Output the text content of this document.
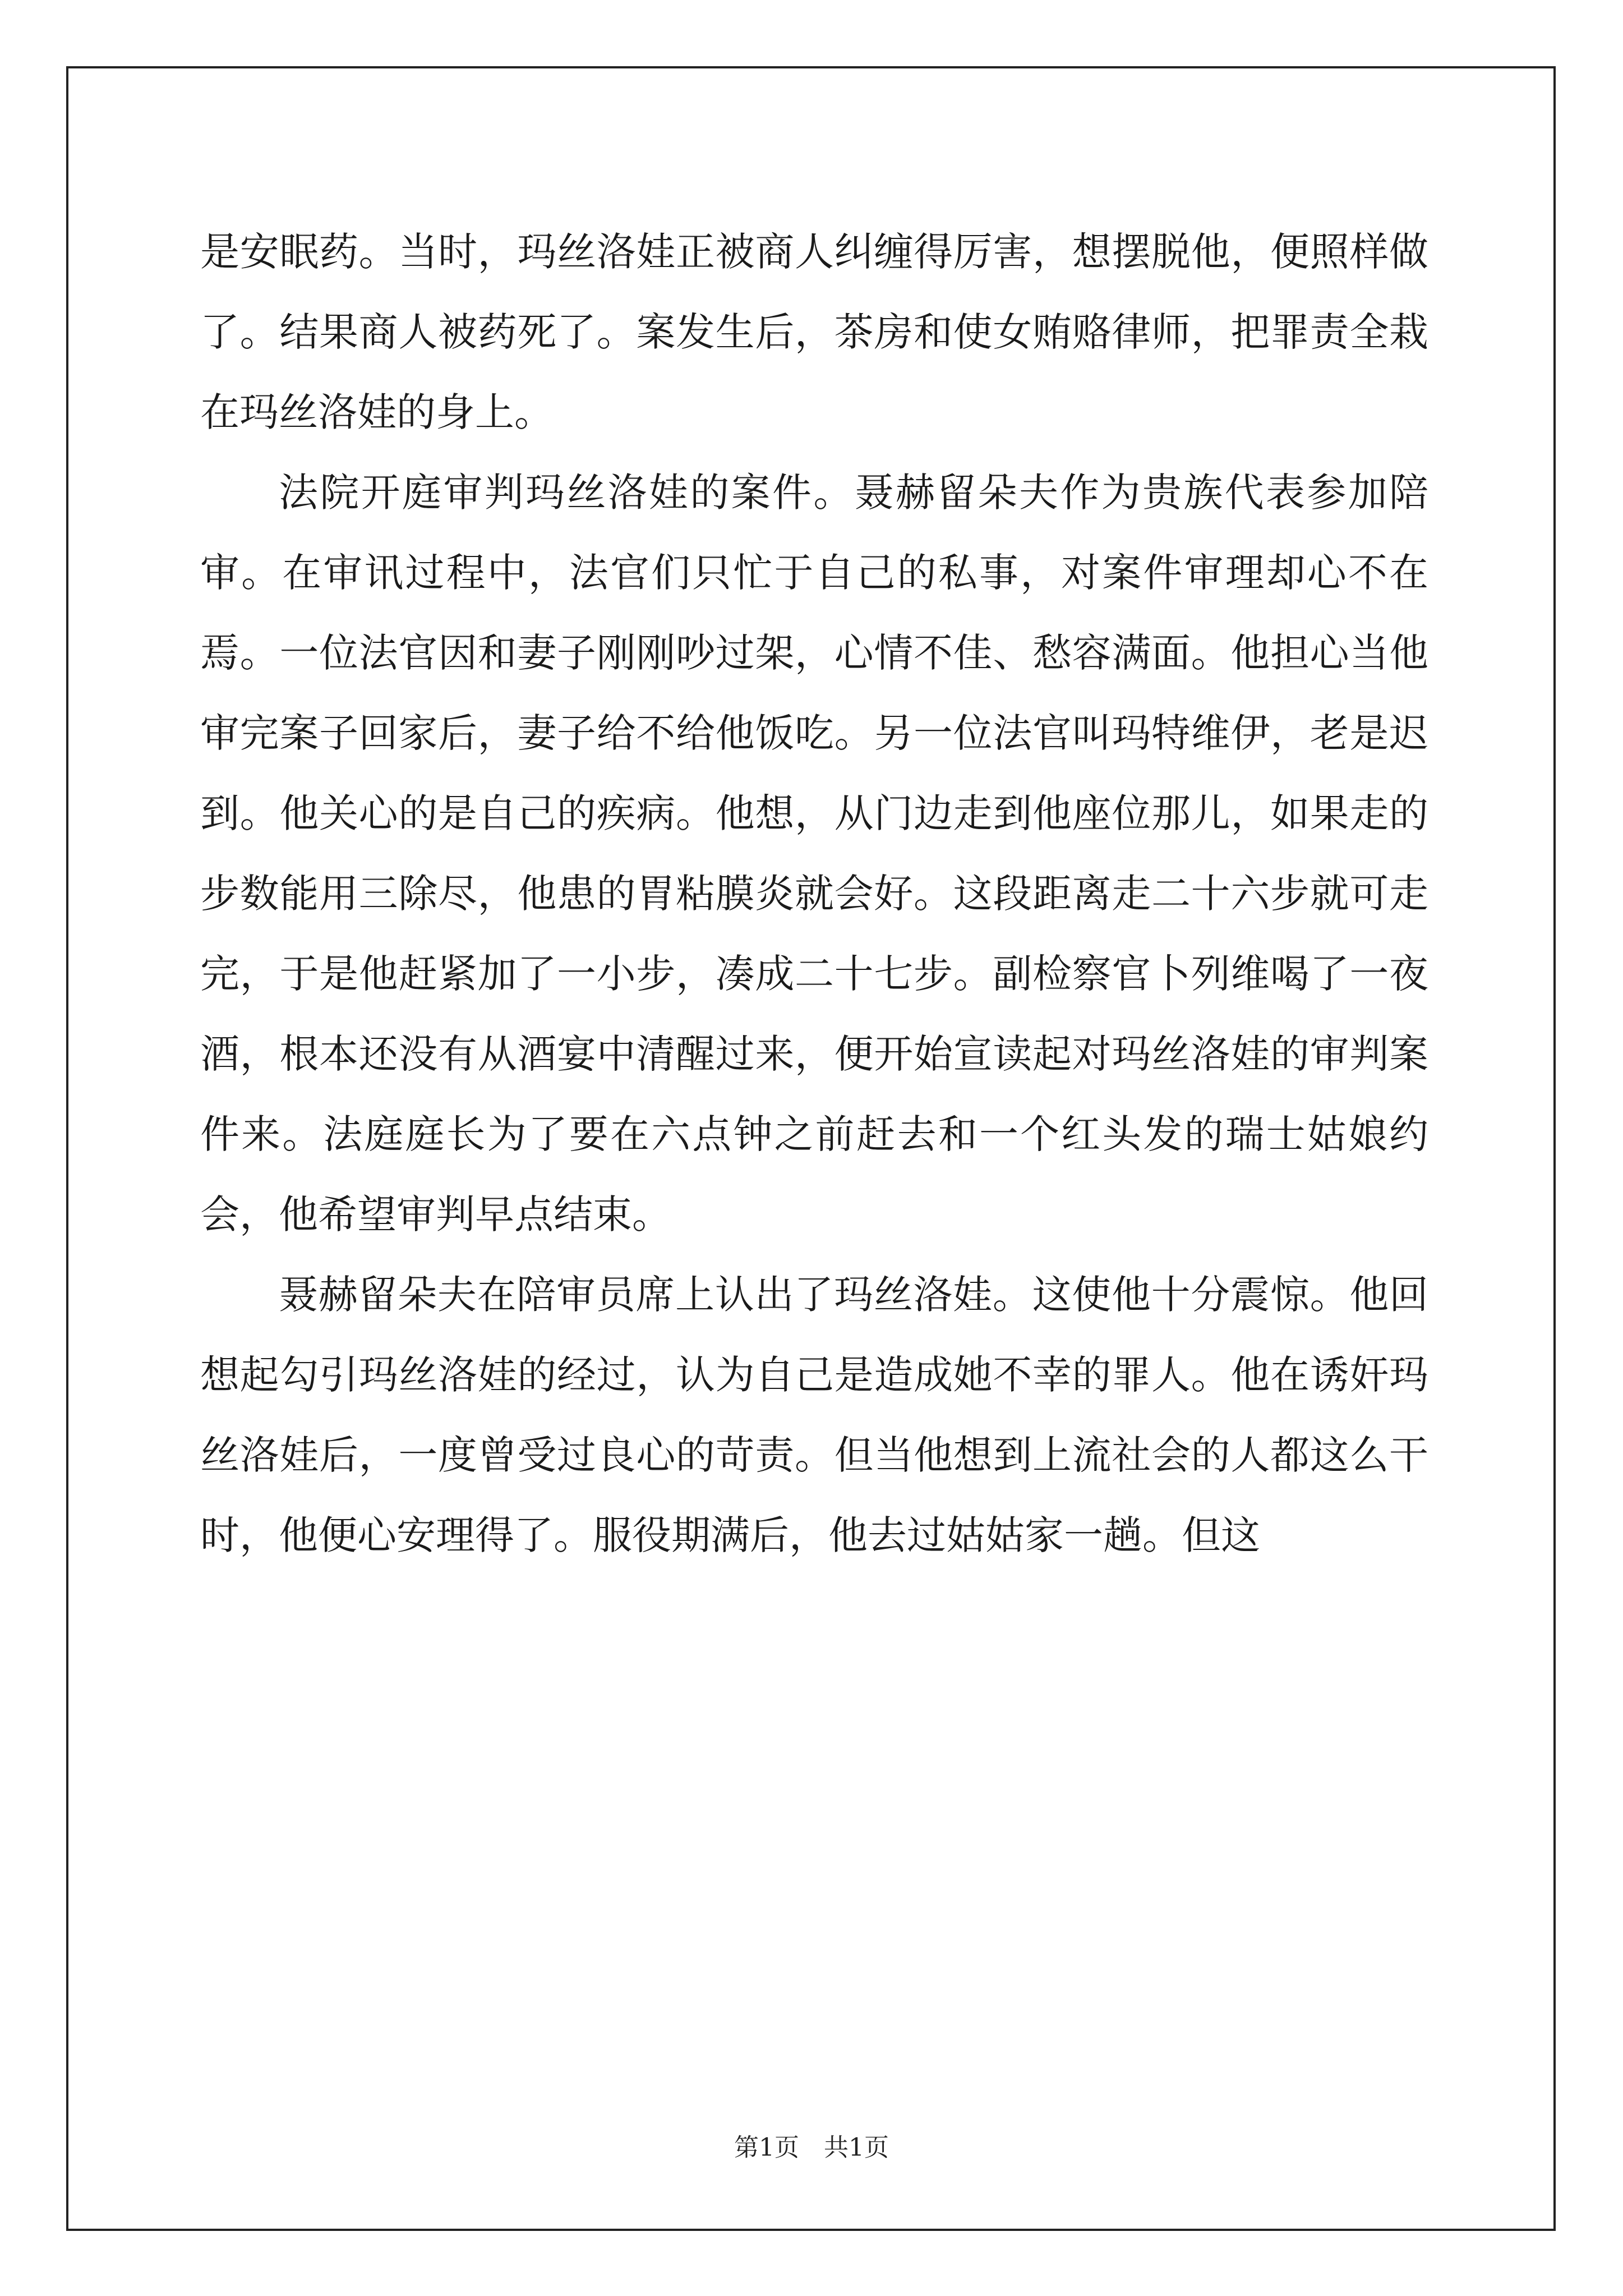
是安眠药。当时，玛丝洛娃正被商人纠缠得厉害，想摆脱他，便照样做了。结果商人被药死了。案发生后，茶房和使女贿赂律师，把罪责全栽在玛丝洛娃的身上。

法院开庭审判玛丝洛娃的案件。聂赫留朵夫作为贵族代表参加陪审。在审讯过程中，法官们只忙于自己的私事，对案件审理却心不在焉。一位法官因和妻子刚刚吵过架，心情不佳、愁容满面。他担心当他审完案子回家后，妻子给不给他饭吃。另一位法官叫玛特维伊，老是迟到。他关心的是自己的疾病。他想，从门边走到他座位那儿，如果走的步数能用三除尽，他患的胃粘膜炎就会好。这段距离走二十六步就可走完，于是他赶紧加了一小步，凑成二十七步。副检察官卜列维喝了一夜酒，根本还没有从酒宴中清醒过来，便开始宣读起对玛丝洛娃的审判案件来。法庭庭长为了要在六点钟之前赶去和一个红头发的瑞士姑娘约会，他希望审判早点结束。

聂赫留朵夫在陪审员席上认出了玛丝洛娃。这使他十分震惊。他回想起勾引玛丝洛娃的经过，认为自己是造成她不幸的罪人。他在诱奸玛丝洛娃后，一度曾受过良心的苛责。但当他想到上流社会的人都这么干时，他便心安理得了。服役期满后，他去过姑姑家一趟。但这

第1页　共1页
